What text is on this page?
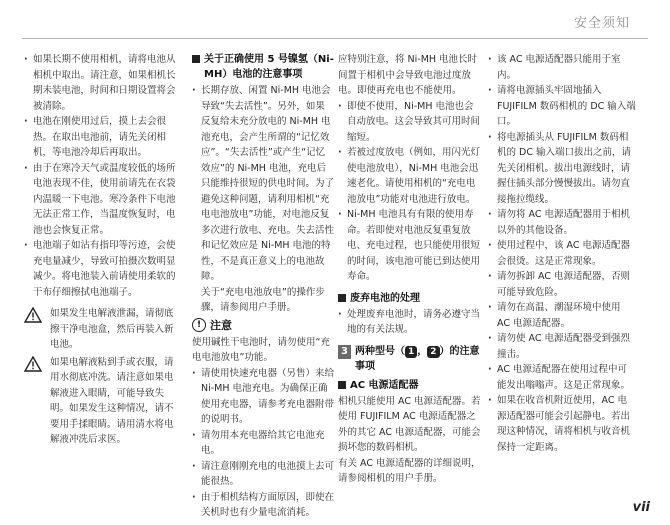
安全须知

· 如果长期不使用相机，请将电池从相机中取出。请注意，如果相机长期未装电池，时间和日期设置将会被清除。

· 电池在刚使用过后，摸上去会很热。在取出电池前，请先关闭相机，等电池冷却后再取出。

· 由于在寒冷天气或温度较低的场所电池表现不佳，使用前请先在衣袋内温暖一下电池。寒冷条件下电池无法正常工作，当温度恢复时，电池也会恢复正常。

· 电池端子如沾有指印等污迹，会使充电量减少，导致可拍摄次数明显减少。将电池装入前请使用柔软的干布仔细擦拭电池端子。

如果发生电解液泄漏，请彻底擦干净电池盒，然后再装入新电池。
如果电解液粘到手或衣服，请用水彻底冲洗。请注意如果电解液进入眼睛，可能导致失明。如果发生这种情况，请不要用手揉眼睛。请用清水将电解液冲洗后求医。
关于正确使用 5 号镍氢（Ni-MH）电池的注意事项

· 长期存放、闲置 Ni-MH 电池会导致“失去活性”。另外，如果反复给未充分放电的 Ni-MH 电池充电，会产生所谓的“记忆效应”。“失去活性”或产生“记忆效应”的 Ni-MH 电池，充电后只能维持很短的供电时间。为了避免这种问题，请利用相机“充电电池放电”功能，对电池反复多次进行放电、充电。失去活性和记忆效应是 Ni-MH 电池的特性，不是真正意义上的电池故障。

关于“充电电池放电”的操作步骤，请参阅用户手册。

! 注意

使用碱性干电池时，请勿使用“充电电池放电”功能。

· 请使用快速充电器（另售）来给 Ni-MH 电池充电。为确保正确使用充电器，请参考充电器附带的说明书。

· 请勿用本充电器给其它电池充电。

· 请注意刚刚充电的电池摸上去可能很热。

· 由于相机结构方面原因，即使在关机时也有少量电流消耗。

应特别注意，将 Ni-MH 电池长时间置于相机中会导致电池过度放电。即使再充电也不能使用。

· 即使不使用，Ni-MH 电池也会自动放电。这会导致其可用时间缩短。

· 若被过度放电（例如，用闪光灯使电池放电），Ni-MH 电池会迅速老化。请使用相机的“充电电池放电”功能对电池进行放电。

· Ni-MH 电池具有有限的使用寿命。若即使对电池反复重复放电、充电过程，也只能使用很短的时间，该电池可能已到达使用寿命。

废弃电池的处理

· 处理废弃电池时，请务必遵守当地的有关法规。

3 两种型号（ 1 ， 2 ）的注意事项
AC 电源适配器

相机只能使用 AC 电源适配器。若使用 FUJIFILM AC 电源适配器之外的其它 AC 电源适配器，可能会损坏您的数码相机。

有关 AC 电源适配器的详细说明，请参阅相机的用户手册。

· 该 AC 电源适配器只能用于室内。

· 请将电源插头牢固地插入 FUJIFILM 数码相机的 DC 输入端口。

· 将电源插头从 FUJIFILM 数码相机的 DC 输入端口拔出之前，请先关闭相机。拔出电源线时，请握住插头部分慢慢拔出。请勿直接拖拉缆线。

· 请勿将 AC 电源适配器用于相机以外的其他设备。

· 使用过程中，该 AC 电源适配器会很烫。这是正常现象。

· 请勿拆卸 AC 电源适配器，否则可能导致危险。

· 请勿在高温、潮湿环境中使用 AC 电源适配器。

· 请勿使 AC 电源适配器受到强烈撞击。

· AC 电源适配器在使用过程中可能发出嗡嗡声。这是正常现象。

· 如果在收音机附近使用，AC 电源适配器可能会引起静电。若出现这种情况，请将相机与收音机保持一定距离。

vii
